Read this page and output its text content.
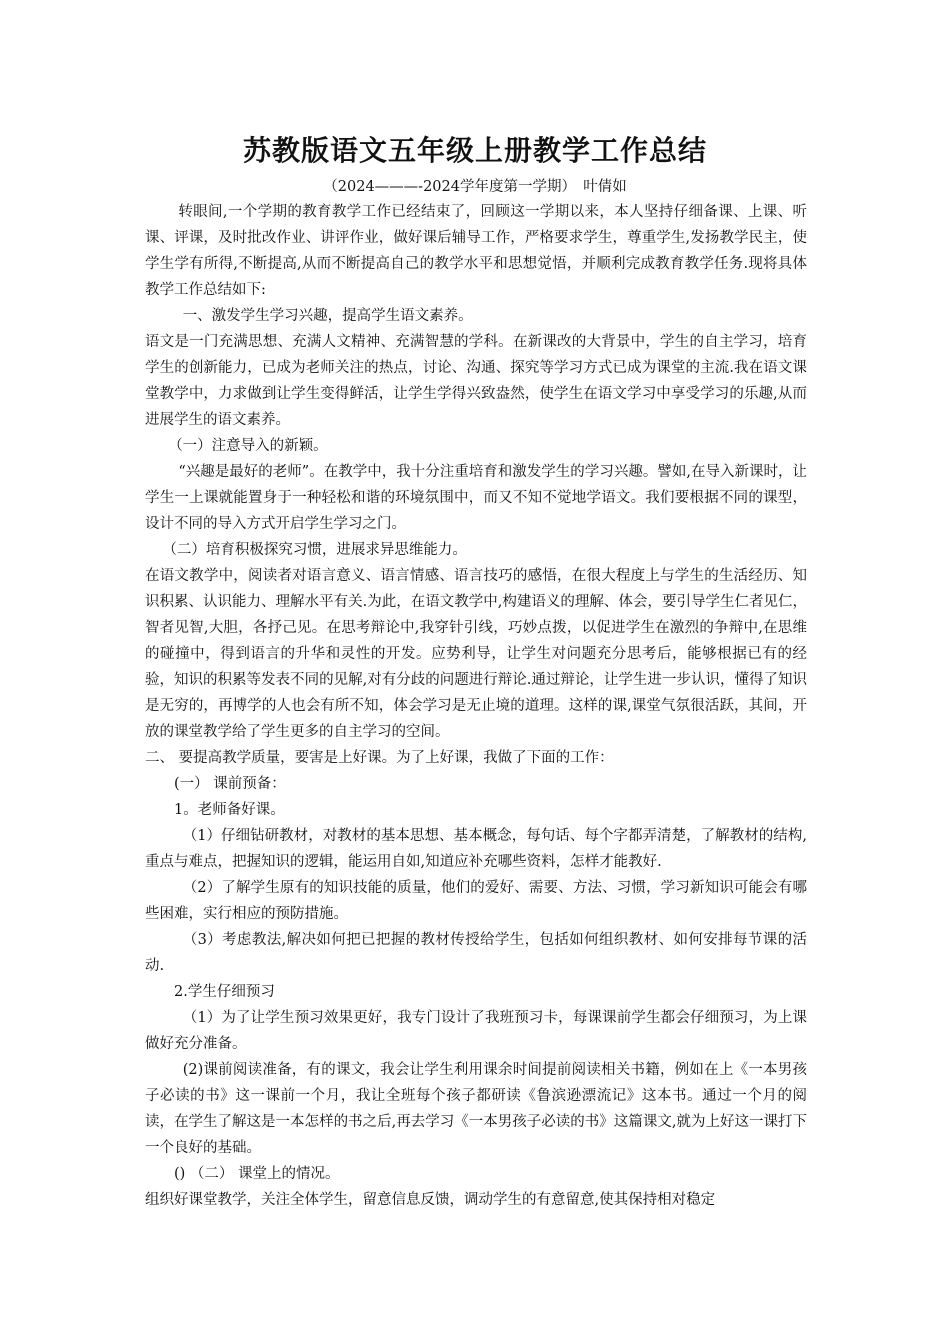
苏教版语文五年级上册教学工作总结
（2024———-2024学年度第一学期）　叶倩如

转眼间,一个学期的教育教学工作已经结束了，回顾这一学期以来，本人坚持仔细备课、上课、听课、评课，及时批改作业、讲评作业，做好课后辅导工作，严格要求学生，尊重学生,发扬教学民主，使学生学有所得,不断提高,从而不断提高自己的教学水平和思想觉悟，并顺利完成教育教学任务.现将具体教学工作总结如下:

一、激发学生学习兴趣，提高学生语文素养。

语文是一门充满思想、充满人文精神、充满智慧的学科。在新课改的大背景中，学生的自主学习，培育学生的创新能力，已成为老师关注的热点，讨论、沟通、探究等学习方式已成为课堂的主流.我在语文课堂教学中，力求做到让学生变得鲜活，让学生学得兴致盎然，使学生在语文学习中享受学习的乐趣,从而进展学生的语文素养。

（一）注意导入的新颖。

“兴趣是最好的老师”。在教学中，我十分注重培育和激发学生的学习兴趣。譬如,在导入新课时，让学生一上课就能置身于一种轻松和谐的环境氛围中，而又不知不觉地学语文。我们要根据不同的课型，设计不同的导入方式开启学生学习之门。

（二）培育积极探究习惯，进展求异思维能力。

在语文教学中，阅读者对语言意义、语言情感、语言技巧的感悟，在很大程度上与学生的生活经历、知识积累、认识能力、理解水平有关.为此，在语文教学中,构建语义的理解、体会，要引导学生仁者见仁，智者见智,大胆，各抒己见。在思考辩论中,我穿针引线，巧妙点拨，以促进学生在激烈的争辩中,在思维的碰撞中，得到语言的升华和灵性的开发。应势利导，让学生对问题充分思考后，能够根据已有的经验，知识的积累等发表不同的见解,对有分歧的问题进行辩论.通过辩论，让学生进一步认识，懂得了知识是无穷的，再博学的人也会有所不知，体会学习是无止境的道理。这样的课,课堂气氛很活跃，其间，开放的课堂教学给了学生更多的自主学习的空间。

二、 要提高教学质量，要害是上好课。为了上好课，我做了下面的工作：

(一） 课前预备：

1。老师备好课。

（1）仔细钻研教材，对教材的基本思想、基本概念，每句话、每个字都弄清楚，了解教材的结构,重点与难点，把握知识的逻辑，能运用自如,知道应补充哪些资料，怎样才能教好.

（2）了解学生原有的知识技能的质量，他们的爱好、需要、方法、习惯，学习新知识可能会有哪些困难，实行相应的预防措施。

（3）考虑教法,解决如何把已把握的教材传授给学生，包括如何组织教材、如何安排每节课的活动.

2.学生仔细预习

（1）为了让学生预习效果更好，我专门设计了我班预习卡，每课课前学生都会仔细预习，为上课做好充分准备。

(2)课前阅读准备，有的课文，我会让学生利用课余时间提前阅读相关书籍，例如在上《一本男孩子必读的书》这一课前一个月，我让全班每个孩子都研读《鲁滨逊漂流记》这本书。通过一个月的阅读，在学生了解这是一本怎样的书之后,再去学习《一本男孩子必读的书》这篇课文,就为上好这一课打下一个良好的基础。

() （二） 课堂上的情况。

组织好课堂教学，关注全体学生，留意信息反馈，调动学生的有意留意,使其保持相对稳定
